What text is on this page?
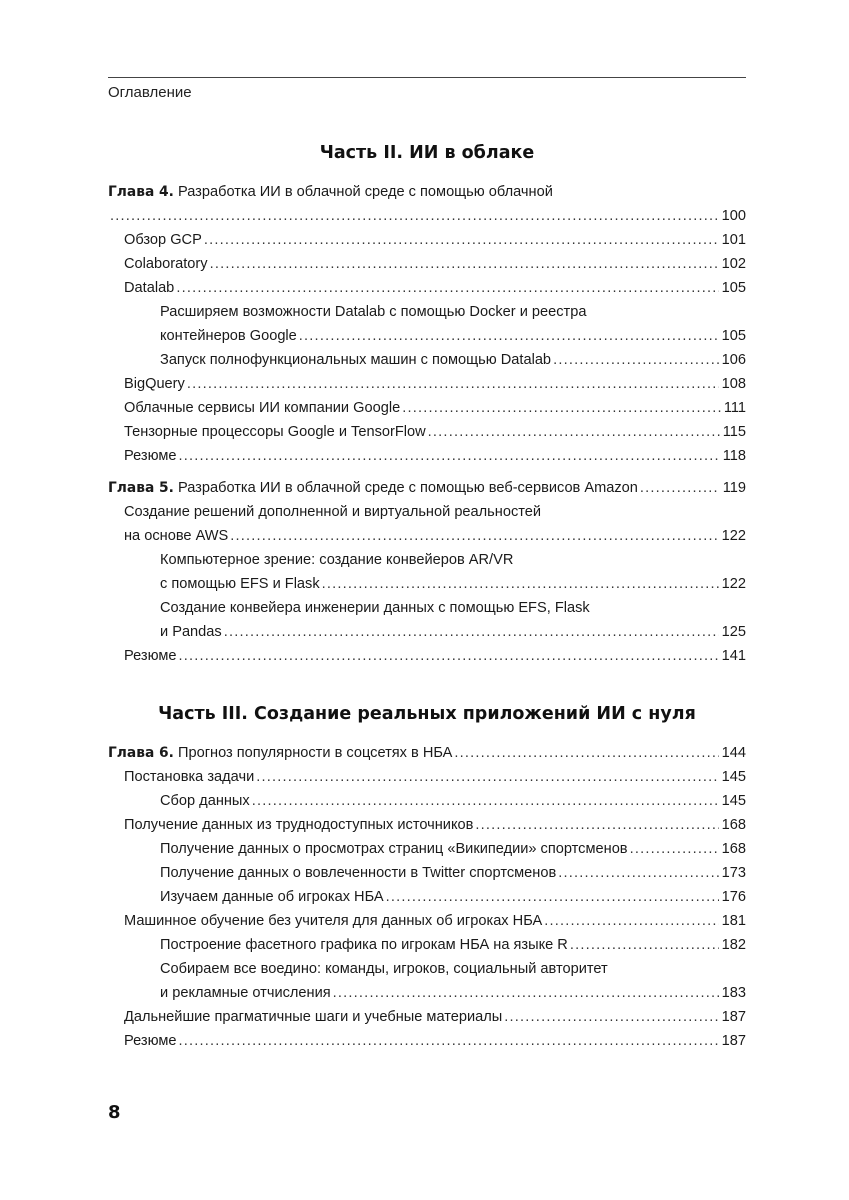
Оглавление
Часть II. ИИ в облаке
Глава 4. Разработка ИИ в облачной среде с помощью облачной
.....
100
Обзор GCP .....	101
Colaboratory .....	102
Datalab .....	105
Расширяем возможности Datalab с помощью Docker и реестра
контейнеров Google .....	105
Запуск полнофункциональных машин с помощью Datalab .....	106
BigQuery .....	108
Облачные сервисы ИИ компании Google .....	111
Тензорные процессоры Google и TensorFlow .....	115
Резюме .....	118
Глава 5. Разработка ИИ в облачной среде с помощью веб-сервисов Amazon .....	119
Создание решений дополненной и виртуальной реальностей
на основе AWS .....	122
Компьютерное зрение: создание конвейеров AR/VR
с помощью EFS и Flask .....	122
Создание конвейера инженерии данных с помощью EFS, Flask
и Pandas .....	125
Резюме .....	141
Часть III. Создание реальных приложений ИИ с нуля
Глава 6. Прогноз популярности в соцсетях в НБА .....	144
Постановка задачи .....	145
Сбор данных .....	145
Получение данных из труднодоступных источников .....	168
Получение данных о просмотрах страниц «Википедии» спортсменов .....	168
Получение данных о вовлеченности в Twitter спортсменов .....	173
Изучаем данные об игроках НБА .....	176
Машинное обучение без учителя для данных об игроках НБА .....	181
Построение фасетного графика по игрокам НБА на языке R .....	182
Собираем все воедино: команды, игроков, социальный авторитет
и рекламные отчисления .....	183
Дальнейшие прагматичные шаги и учебные материалы .....	187
Резюме .....	187
8
